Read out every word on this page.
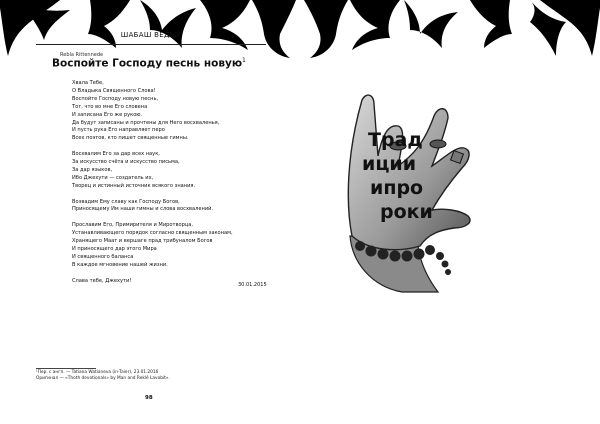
ШАБАШ ВЕДЬМ
Rebla Rittennede
Воспойте Господу песнь новую$^1$
Хвала Тебе,
О Владыка Священного Слова!
Воспойте Господу новую песнь,
Тот, что во мне Его словена
И записана Его же рукою.
Да будут записаны и прочтены для Него восхваленья,
И пусть рука Его направляет перо
Всех поэтов, кто пишет священные гимны.
Восхвалим Его за дар всех наук,
За искусство счёта и искусство письма,
За дар языков,
Ибо Джехути — создатель их,
Творец и истинный источник всякого знания.
Возвадим Ему славу как Господу Богов,
Приносящему Им наши гимны и слова восхвалений.
Прославим Его, Примирителя и Миротворца,
Устанавливающего порядок согласно священным законам,
Хранящего Маат и вершаге прад трибуналом Богов
И приносящего дар этого Мира
И священного баланса
В каждое мгновение нашей жизни.
Слава тебе, Джехути!
30.01.2015
¹Пер. с англ. — Tatiana Watianeva (in-Taier), 23.01.2016
Оригинал — «Thoth devotionals» by Man and Reklé Lavobit».
98
Трад
иции
ипро
роки
